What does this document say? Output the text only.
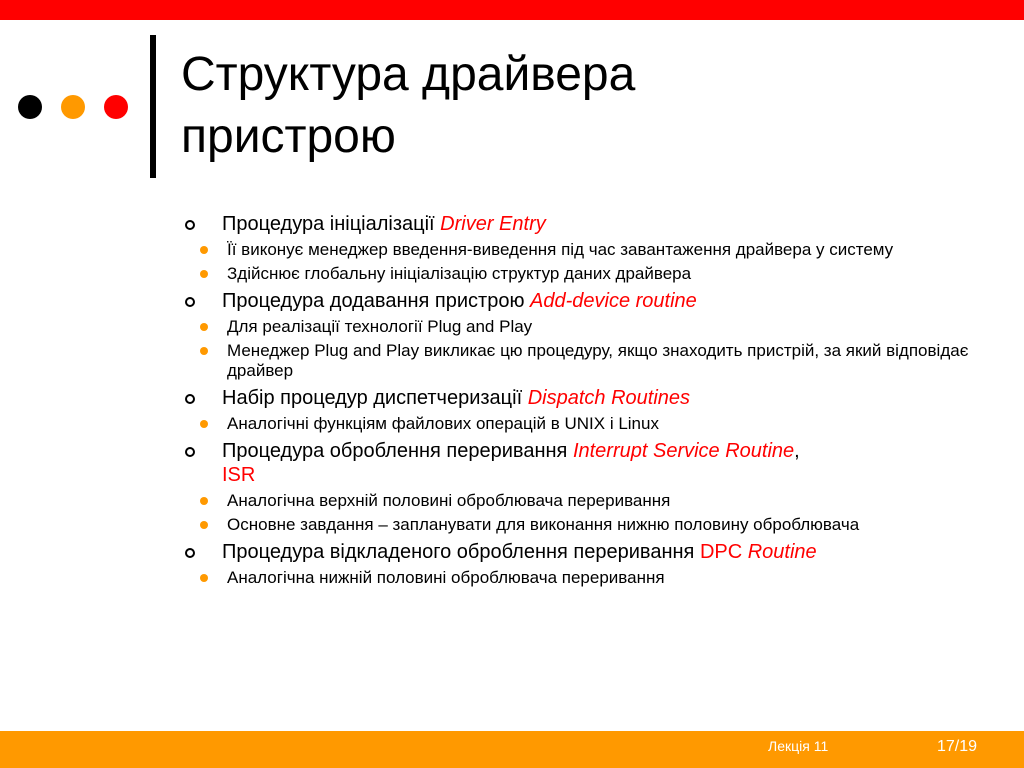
Структура драйвера
пристрою
Процедура ініціалізації Driver Entry
Її виконує менеджер введення-виведення під час завантаження драйвера у систему
Здійснює глобальну ініціалізацію структур даних драйвера
Процедура додавання пристрою Add-device routine
Для реалізації технології Plug and Play
Менеджер Plug and Play викликає цю процедуру, якщо знаходить пристрій, за який відповідає драйвер
Набір процедур диспетчеризації Dispatch Routines
Аналогічні функціям файлових операцій в UNIX і Linux
Процедура оброблення переривання Interrupt Service Routine,
ISR
Аналогічна верхній половині оброблювача переривання
Основне завдання – запланувати для виконання нижню половину оброблювача
Процедура відкладеного оброблення переривання DPC Routine
Аналогічна нижній половині оброблювача переривання
Лекція 11	17/19
